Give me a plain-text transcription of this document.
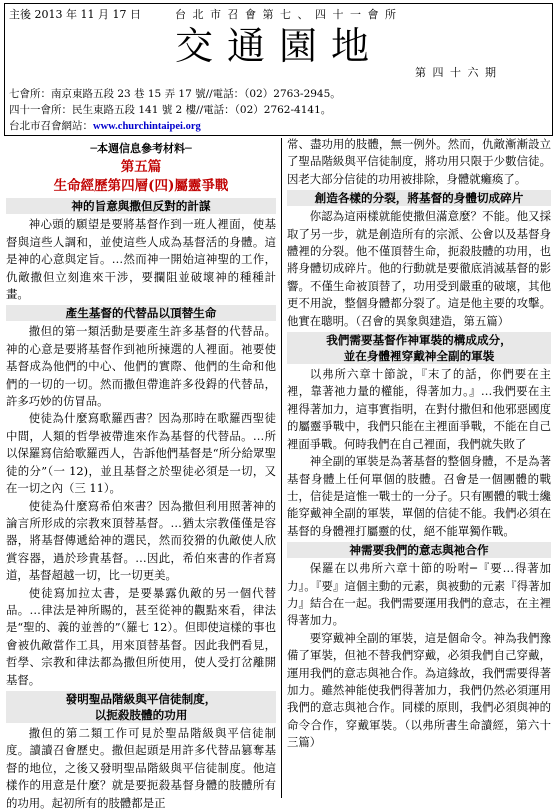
主後 2013 年 11 月 17 日	台 北 市 召 會 第 七 、 四 十 一 會 所
交通園地
第 四 十 六 期
七會所：南京東路五段 23 巷 15 弄 17 號//電話：（02）2763-2945。
四十一會所：民生東路五段 141 號 2 樓//電話：（02）2762-4141。
台北市召會網站：www.churchintaipei.org
─本週信息參考材料─
第五篇
生命經歷第四層(四)屬靈爭戰
神的旨意與撒但反對的計謀

神心頭的願望是要將基督作到一班人裡面，使基督與這些人調和，並使這些人成為基督活的身體。這是神的心意與定旨。…然而神一開始這神聖的工作，仇敵撒但立刻進來干涉，要攔阻並破壞神的種種計畫。

產生基督的代替品以頂替生命

撒但的第一類活動是要產生許多基督的代替品。神的心意是要將基督作到祂所揀選的人裡面。祂要使基督成為他們的中心、他們的實際、他們的生命和他們的一切的一切。然而撒但帶進許多役鍀的代替品，許多巧妙的仿冒品。

使徒為什麼寫歌羅西書？因為那時在歌羅西聖徒中間，人類的哲學被帶進來作為基督的代替品。…所以保羅寫信給歌羅西人，告訴他們基督是“所分給眾聖徒的分”（一 12)，並且基督之於聖徒必須是一切，又在一切之內（三 11）。

使徒為什麼寫希伯來書？因為撒但利用照著神的論言所形成的宗教來頂替基督。…猶太宗教僅僅是容器，將基督傳遞給神的選民，然而狡猾的仇敵使人欣賞容器，過於珍貴基督。…因此，希伯來書的作者寫道，基督超越一切，比一切更美。

使徒寫加拉太書，是要暴露仇敵的另一個代替品。…律法是神所賜的，甚至從神的觀點來看，律法是“聖的、義的並善的”（羅七 12）。但即使這樣的事也會被仇敵當作工具，用來頂替基督。因此我們看見，哲學、宗教和律法都為撒但所使用，使人受打岔離開基督。

發明聖品階級與平信徒制度，
以扼殺肢體的功用

撒但的第二類工作可見於聖品階級與平信徒制度。讀讀召會歷史。撒但起頭是用許多代替品篡奪基督的地位，之後又發明聖品階級與平信徒制度。他這樣作的用意是什麼？就是要扼殺基督身體的肢體所有的功用。起初所有的肢體都是正

常、盡功用的肢體，無一例外。然而，仇敵漸漸設立了聖品階級與平信徒制度，將功用只限于少數信徒。因老大部分信徒的功用被排除，身體就癱瘓了。

創造各樣的分裂，將基督的身體切成碎片

你認為這兩樣就能使撒但滿意麼？不能。他又採取了另一步，就是創造所有的宗派、公會以及基督身體裡的分裂。他不僅頂替生命，扼殺肢體的功用，也將身體切成碎片。他的行動就是要徹底消滅基督的影響。不僅生命被頂替了，功用受到嚴重的破壞，其他更不用說，整個身體都分裂了。這是他主要的攻擊。他實在聰明。（召會的異象與建造，第五篇）

我們需要基督作神軍裝的構成成分，
並在身體裡穿戴神全副的軍裝

以弗所六章十節說，『末了的話，你們要在主裡，靠著祂力量的權能，得著加力。』…我們要在主裡得著加力，這事實指明，在對付撒但和他邪惡國度的屬靈爭戰中，我們只能在主裡面爭戰，不能在自己裡面爭戰。何時我們在自己裡面，我們就失敗了

神全副的軍裝是為著基督的整個身體，不是為著基督身體上任何單個的肢體。召會是一個團體的戰士，信徒是這惟一戰士的一分子。只有團體的戰士纔能穿戴神全副的軍裝，單個的信徒不能。我們必須在基督的身體裡打屬靈的仗，絕不能單獨作戰。

神需要我們的意志與祂合作

保羅在以弗所六章十節的吩咐─『要…得著加力』。『要』這個主動的元素，與被動的元素『得著加力』結合在一起。我們需要運用我們的意志，在主裡得著加力。

要穿戴神全副的軍裝，這是個命令。神為我們豫備了軍裝，但祂不替我們穿戴，必須我們自己穿戴，運用我們的意志與祂合作。為這緣故，我們需要得著加力。雖然神能使我們得著加力，我們仍然必須運用我們的意志與祂合作。同樣的原則，我們必須與神的命令合作，穿戴軍裝。（以弗所書生命讀經，第六十三篇）
